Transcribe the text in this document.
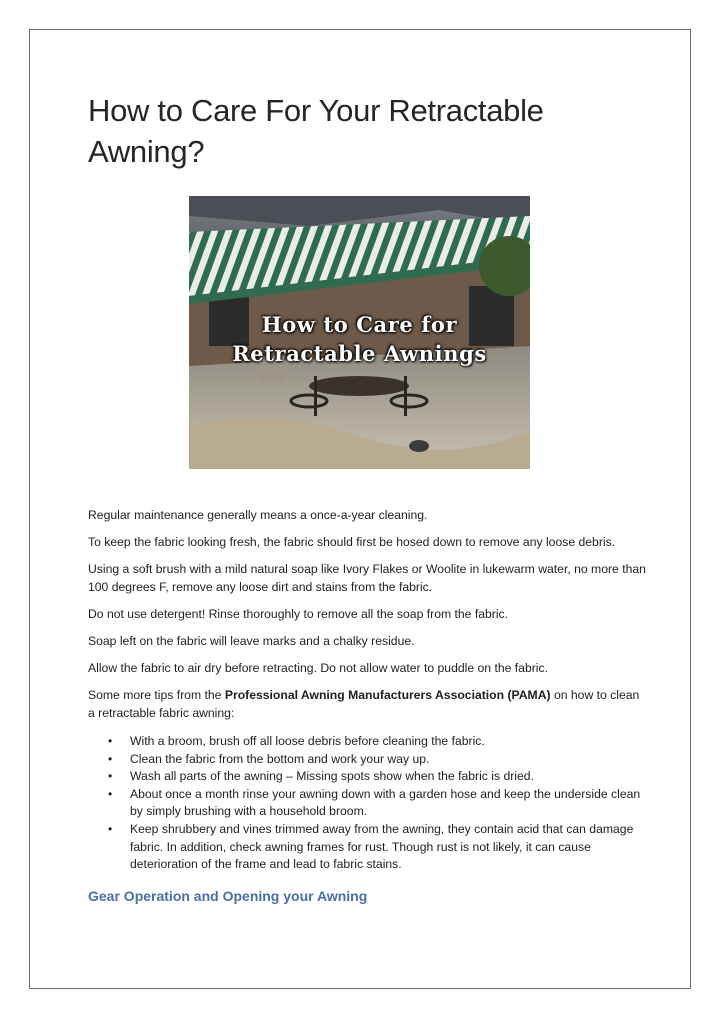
How to Care For Your Retractable Awning?
How to Care for
Retractable Awnings

Regular maintenance generally means a once-a-year cleaning.

To keep the fabric looking fresh, the fabric should first be hosed down to remove any loose debris.

Using a soft brush with a mild natural soap like Ivory Flakes or Woolite in lukewarm water, no more than 100 degrees F, remove any loose dirt and stains from the fabric.

Do not use detergent! Rinse thoroughly to remove all the soap from the fabric.

Soap left on the fabric will leave marks and a chalky residue.

Allow the fabric to air dry before retracting. Do not allow water to puddle on the fabric.

Some more tips from the Professional Awning Manufacturers Association (PAMA) on how to clean a retractable fabric awning:

• With a broom, brush off all loose debris before cleaning the fabric.
• Clean the fabric from the bottom and work your way up.
• Wash all parts of the awning – Missing spots show when the fabric is dried.
• About once a month rinse your awning down with a garden hose and keep the underside clean by simply brushing with a household broom.
• Keep shrubbery and vines trimmed away from the awning, they contain acid that can damage fabric. In addition, check awning frames for rust. Though rust is not likely, it can cause deterioration of the frame and lead to fabric stains.
Gear Operation and Opening your Awning
